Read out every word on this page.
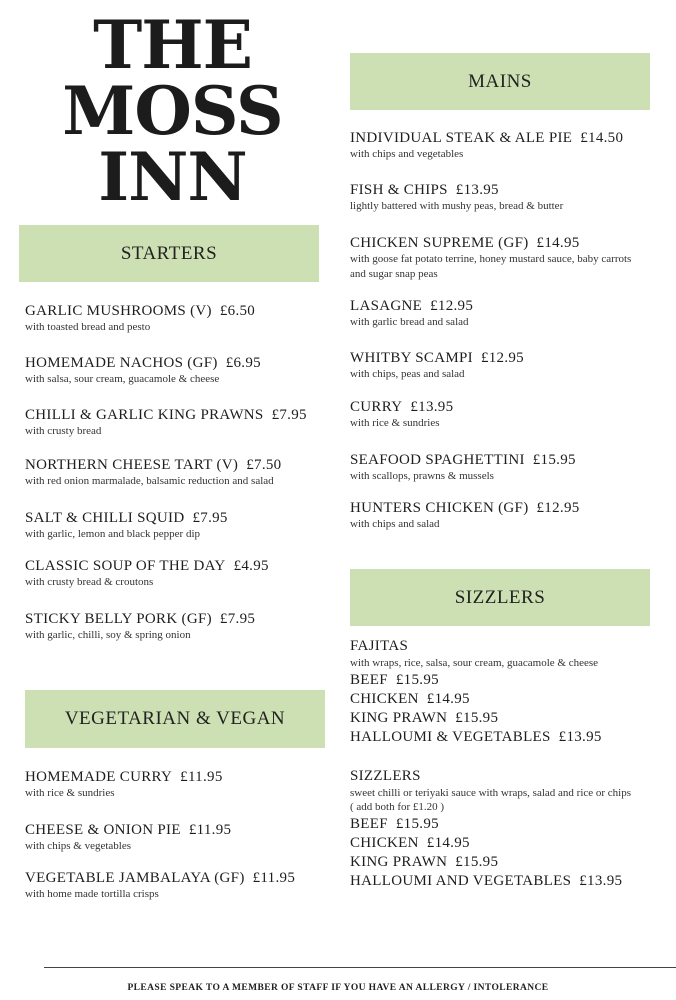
THE
MOSS
INN
STARTERS
VEGETARIAN & VEGAN
MAINS
SIZZLERS
GARLIC MUSHROOMS (V) £6.50
with toasted bread and pesto
HOMEMADE NACHOS (GF) £6.95
with salsa, sour cream, guacamole & cheese
CHILLI & GARLIC KING PRAWNS £7.95
with crusty bread
NORTHERN CHEESE TART (V) £7.50
with red onion marmalade, balsamic reduction and salad
SALT & CHILLI SQUID £7.95
with garlic, lemon and black pepper dip
CLASSIC SOUP OF THE DAY £4.95
with crusty bread & croutons
STICKY BELLY PORK (GF) £7.95
with garlic, chilli, soy & spring onion
HOMEMADE CURRY £11.95
with rice & sundries
CHEESE & ONION PIE £11.95
with chips & vegetables
VEGETABLE JAMBALAYA (GF) £11.95
with home made tortilla crisps
INDIVIDUAL STEAK & ALE PIE £14.50
with chips and vegetables
FISH & CHIPS £13.95
lightly battered with mushy peas, bread & butter
CHICKEN SUPREME (GF) £14.95
with goose fat potato terrine, honey mustard sauce, baby carrots
and sugar snap peas
LASAGNE £12.95
with garlic bread and salad
WHITBY SCAMPI £12.95
with chips, peas and salad
CURRY £13.95
with rice & sundries
SEAFOOD SPAGHETTINI £15.95
with scallops, prawns & mussels
HUNTERS CHICKEN (GF) £12.95
with chips and salad
FAJITAS
with wraps, rice, salsa, sour cream, guacamole & cheese
BEEF £15.95
CHICKEN £14.95
KING PRAWN £15.95
HALLOUMI & VEGETABLES £13.95
SIZZLERS
sweet chilli or teriyaki sauce with wraps, salad and rice or chips
( add both for £1.20 )
BEEF £15.95
CHICKEN £14.95
KING PRAWN £15.95
HALLOUMI AND VEGETABLES £13.95
PLEASE SPEAK TO A MEMBER OF STAFF IF YOU HAVE AN ALLERGY / INTOLERANCE
